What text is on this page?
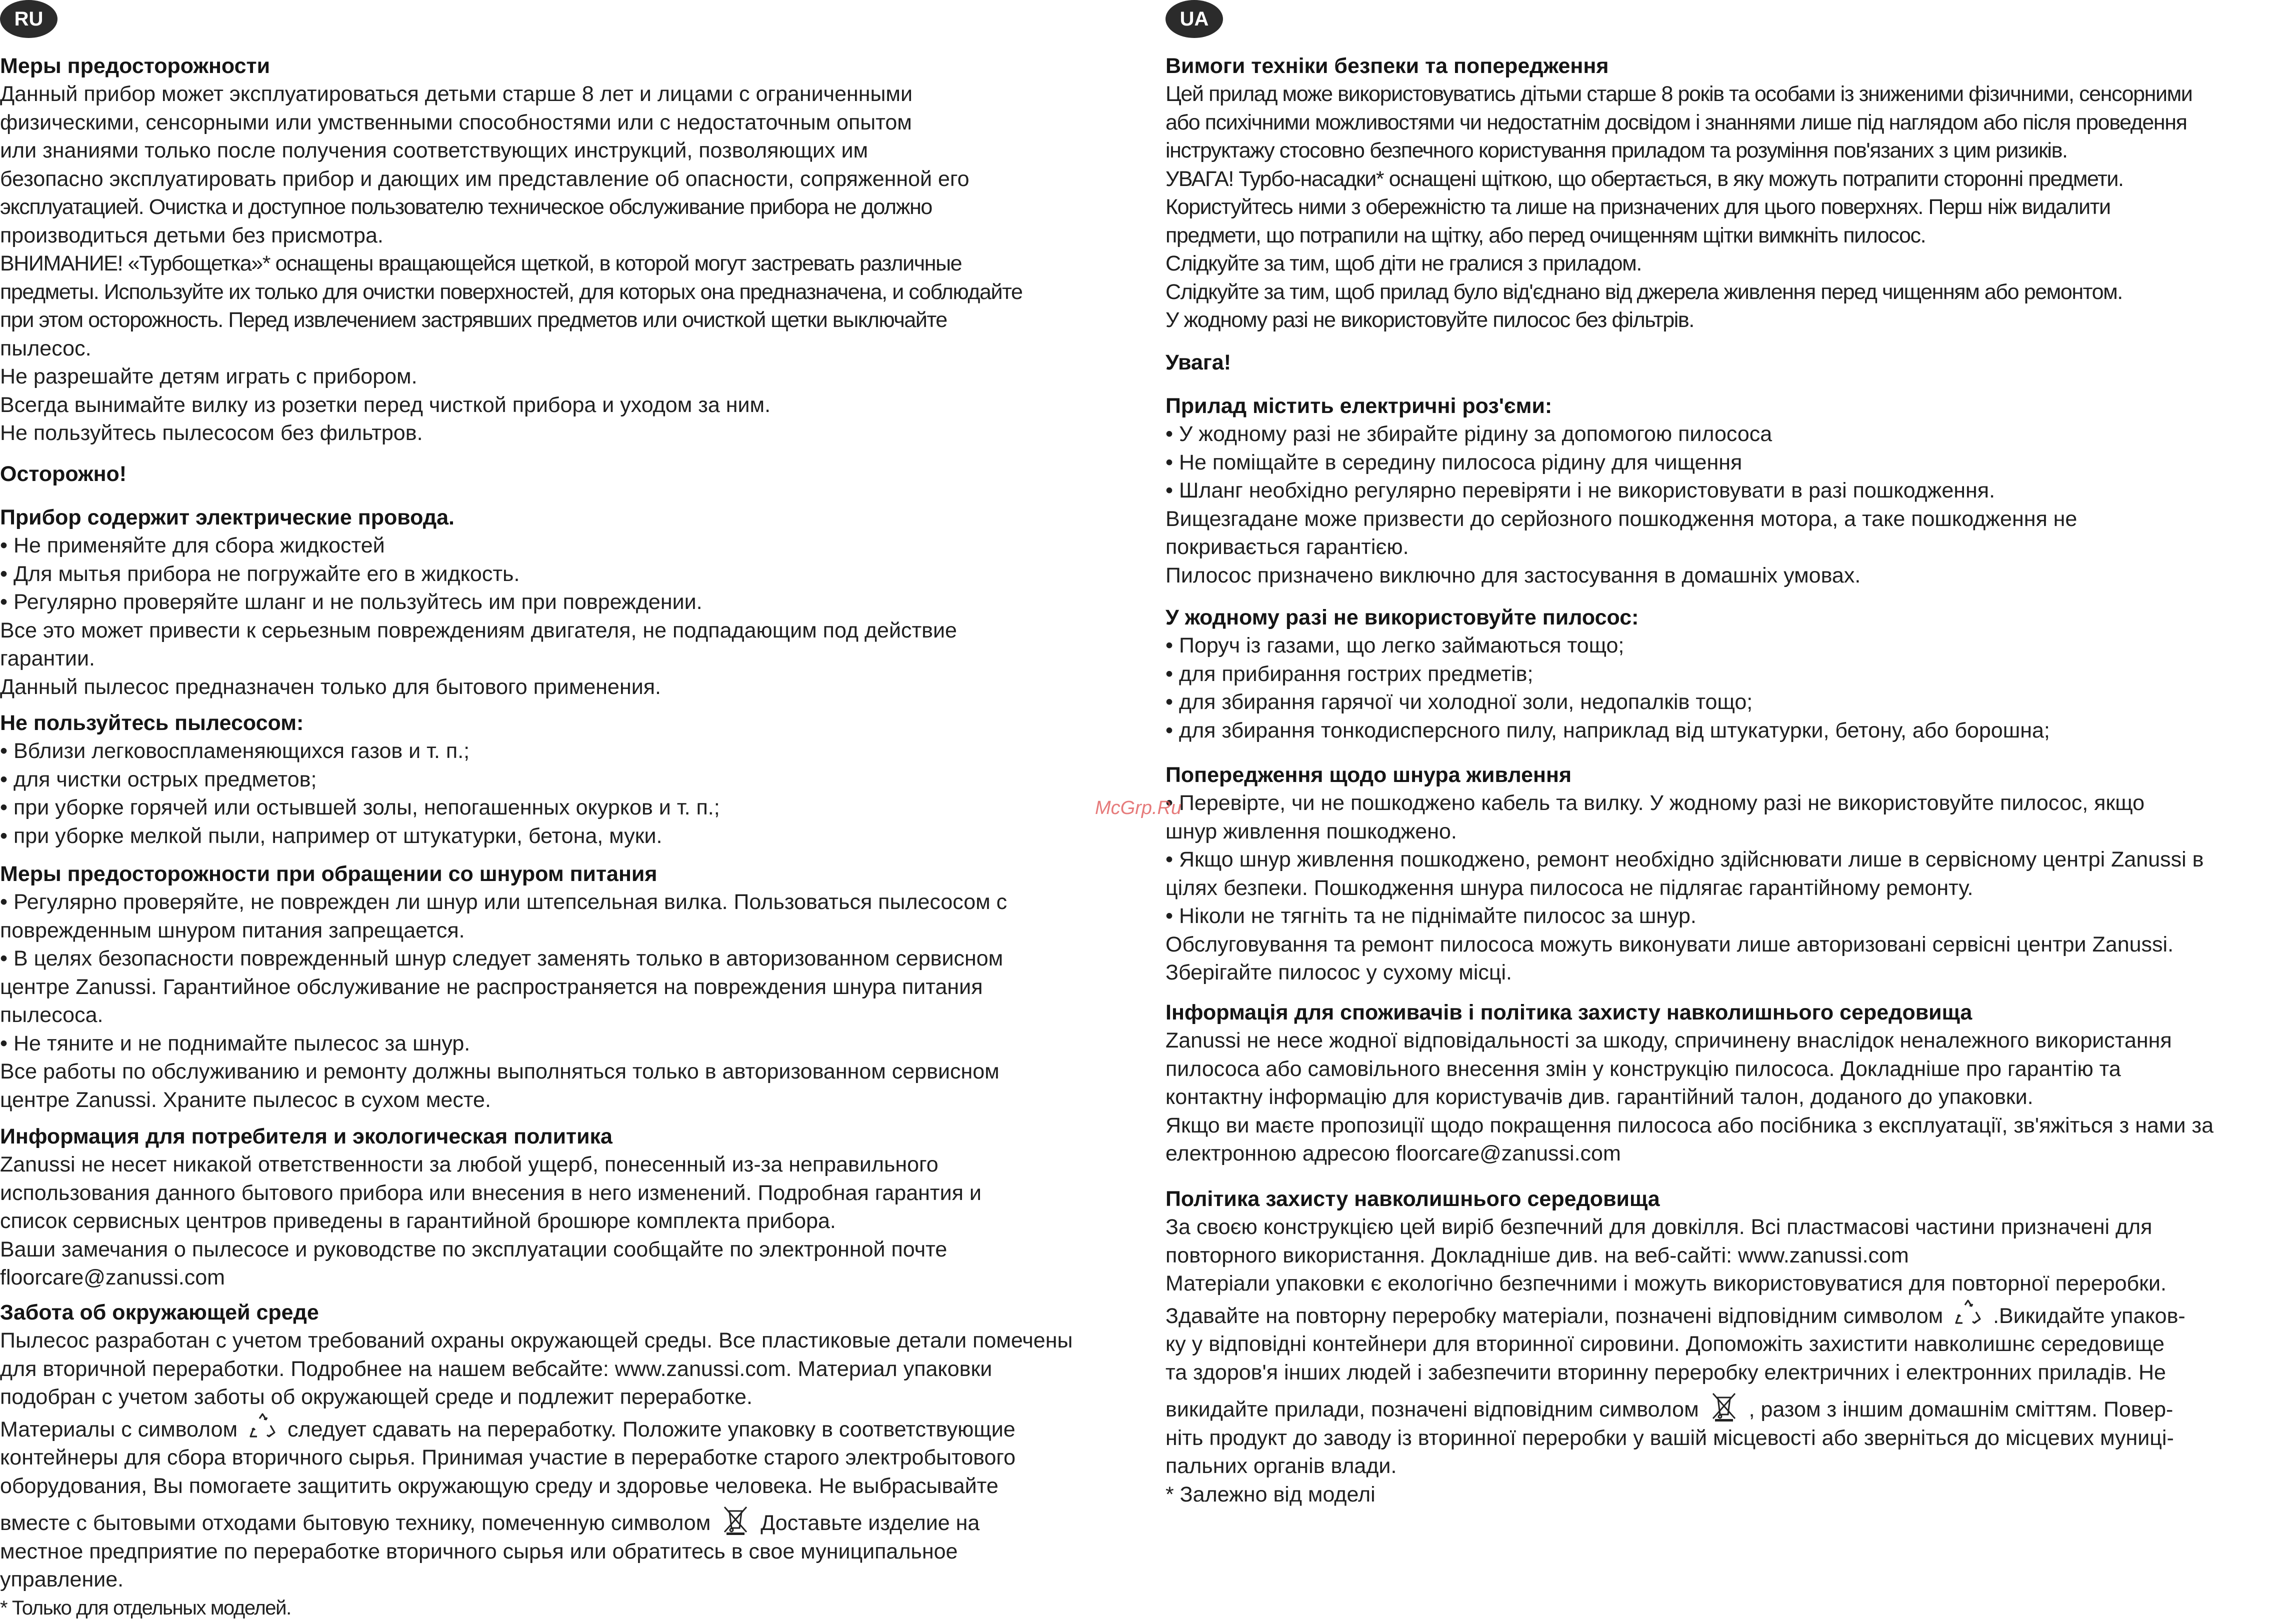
McGrp.Ru
RU

Меры предосторожности

Данный прибор может эксплуатироваться детьми старше 8 лет и лицами с ограниченными

физическими, сенсорными или умственными способностями или с недостаточным опытом

или знаниями только после получения соответствующих инструкций, позволяющих им

безопасно эксплуатировать прибор и дающих им представление об опасности, сопряженной его

эксплуатацией. Очистка и доступное пользователю техническое обслуживание прибора не должно

производиться детьми без присмотра.

ВНИМАНИЕ! «Турбощетка»* оснащены вращающейся щеткой, в которой могут застревать различные

предметы. Используйте их только для очистки поверхностей, для которых она предназначена, и соблюдайте

при этом осторожность. Перед извлечением застрявших предметов или очисткой щетки выключайте

пылесос.

Не разрешайте детям играть с прибором.

Всегда вынимайте вилку из розетки перед чисткой прибора и уходом за ним.

Не пользуйтесь пылесосом без фильтров.

Осторожно!

Прибор содержит электрические провода.

• Не применяйте для сбора жидкостей

• Для мытья прибора не погружайте его в жидкость.

• Регулярно проверяйте шланг и не пользуйтесь им при повреждении.

Все это может привести к серьезным повреждениям двигателя, не подпадающим под действие

гарантии.

Данный пылесос предназначен только для бытового применения.

Не пользуйтесь пылесосом:

• Вблизи легковоспламеняющихся газов и т. п.;

• для чистки острых предметов;

• при уборке горячей или остывшей золы, непогашенных окурков и т. п.;

• при уборке мелкой пыли, например от штукатурки, бетона, муки.

Меры предосторожности при обращении со шнуром питания

• Регулярно проверяйте, не поврежден ли шнур или штепсельная вилка. Пользоваться пылесосом с

поврежденным шнуром питания запрещается.

• В целях безопасности поврежденный шнур следует заменять только в авторизованном сервисном

центре Zanussi. Гарантийное обслуживание не распространяется на повреждения шнура питания

пылесоса.

• Не тяните и не поднимайте пылесос за шнур.

Все работы по обслуживанию и ремонту должны выполняться только в авторизованном сервисном

центре Zanussi. Храните пылесос в сухом месте.

Информация для потребителя и экологическая политика

Zanussi не несет никакой ответственности за любой ущерб, понесенный из-за неправильного

использования данного бытового прибора или внесения в него изменений. Подробная гарантия и

список сервисных центров приведены в гарантийной брошюре комплекта прибора.

Ваши замечания о пылесосе и руководстве по эксплуатации сообщайте по электронной почте

floorcare@zanussi.com

Забота об окружающей среде

Пылесос разработан с учетом требований охраны окружающей среды. Все пластиковые детали помечены

для вторичной переработки. Подробнее на нашем вебсайте: www.zanussi.com. Материал упаковки

подобран с учетом заботы об окружающей среде и подлежит переработке.

Материалы с символом следует сдавать на переработку. Положите упаковку в соответствующие

контейнеры для сбора вторичного сырья. Принимая участие в переработке старого электробытового

оборудования, Вы помогаете защитить окружающую среду и здоровье человека. Не выбрасывайте

вместе с бытовыми отходами бытовую технику, помеченную символом Доставьте изделие на

местное предприятие по переработке вторичного сырья или обратитесь в свое муниципальное

управление.

* Только для отдельных моделей.

UA

Вимоги техніки безпеки та попередження

Цей прилад може використовуватись дітьми старше 8 років та особами із зниженими фізичними, сенсорними

або психічними можливостями чи недостатнім досвідом і знаннями лише під наглядом або після проведення

інструктажу стосовно безпечного користування приладом та розуміння пов'язаних з цим ризиків.

УВАГА! Турбо-насадки* оснащені щіткою, що обертається, в яку можуть потрапити сторонні предмети.

Користуйтесь ними з обережністю та лише на призначених для цього поверхнях. Перш ніж видалити

предмети, що потрапили на щітку, або перед очищенням щітки вимкніть пилосос.

Слідкуйте за тим, щоб діти не гралися з приладом.

Слідкуйте за тим, щоб прилад було від'єднано від джерела живлення перед чищенням або ремонтом.

У жодному разі не використовуйте пилосос без фільтрів.

Увага!

Прилад містить електричні роз'єми:

• У жодному разі не збирайте рідину за допомогою пилососа

• Не поміщайте в середину пилососа рідину для чищення

• Шланг необхідно регулярно перевіряти і не використовувати в разі пошкодження.

Вищезгадане може призвести до серйозного пошкодження мотора, а таке пошкодження не

покривається гарантією.

Пилосос призначено виключно для застосування в домашніх умовах.

У жодному разі не використовуйте пилосос:

• Поруч із газами, що легко займаються тощо;

• для прибирання гострих предметів;

• для збирання гарячої чи холодної золи, недопалків тощо;

• для збирання тонкодисперсного пилу, наприклад від штукатурки, бетону, або борошна;

Попередження щодо шнура живлення

• Перевірте, чи не пошкоджено кабель та вилку. У жодному разі не використовуйте пилосос, якщо

шнур живлення пошкоджено.

• Якщо шнур живлення пошкоджено, ремонт необхідно здійснювати лише в сервісному центрі Zanussi в

цілях безпеки. Пошкодження шнура пилососа не підлягає гарантійному ремонту.

• Ніколи не тягніть та не піднімайте пилосос за шнур.

Обслуговування та ремонт пилососа можуть виконувати лише авторизовані сервісні центри Zanussi.

Зберігайте пилосос у сухому місці.

Інформація для споживачів і політика захисту навколишнього середовища

Zanussi не несе жодної відповідальності за шкоду, спричинену внаслідок неналежного використання

пилососа або самовільного внесення змін у конструкцію пилососа. Докладніше про гарантію та

контактну інформацію для користувачів див. гарантійний талон, доданого до упаковки.

Якщо ви маєте пропозиції щодо покращення пилососа або посібника з експлуатації, зв'яжіться з нами за

електронною адресою floorcare@zanussi.com

Політика захисту навколишнього середовища

За своєю конструкцією цей виріб безпечний для довкілля. Всі пластмасові частини призначені для

повторного використання. Докладніше див. на веб-сайті: www.zanussi.com

Матеріали упаковки є екологічно безпечними і можуть використовуватися для повторної переробки.

Здавайте на повторну переробку матеріали, позначені відповідним символом .Викидайте упаков-

ку у відповідні контейнери для вторинної сировини. Допоможіть захистити навколишнє середовище

та здоров'я інших людей і забезпечити вторинну переробку електричних і електронних приладів. Не

викидайте прилади, позначені відповідним символом , разом з іншим домашнім сміттям. Повер-

ніть продукт до заводу із вторинної переробки у вашій місцевості або зверніться до місцевих муниці-

пальних органів влади.

* Залежно від моделі
